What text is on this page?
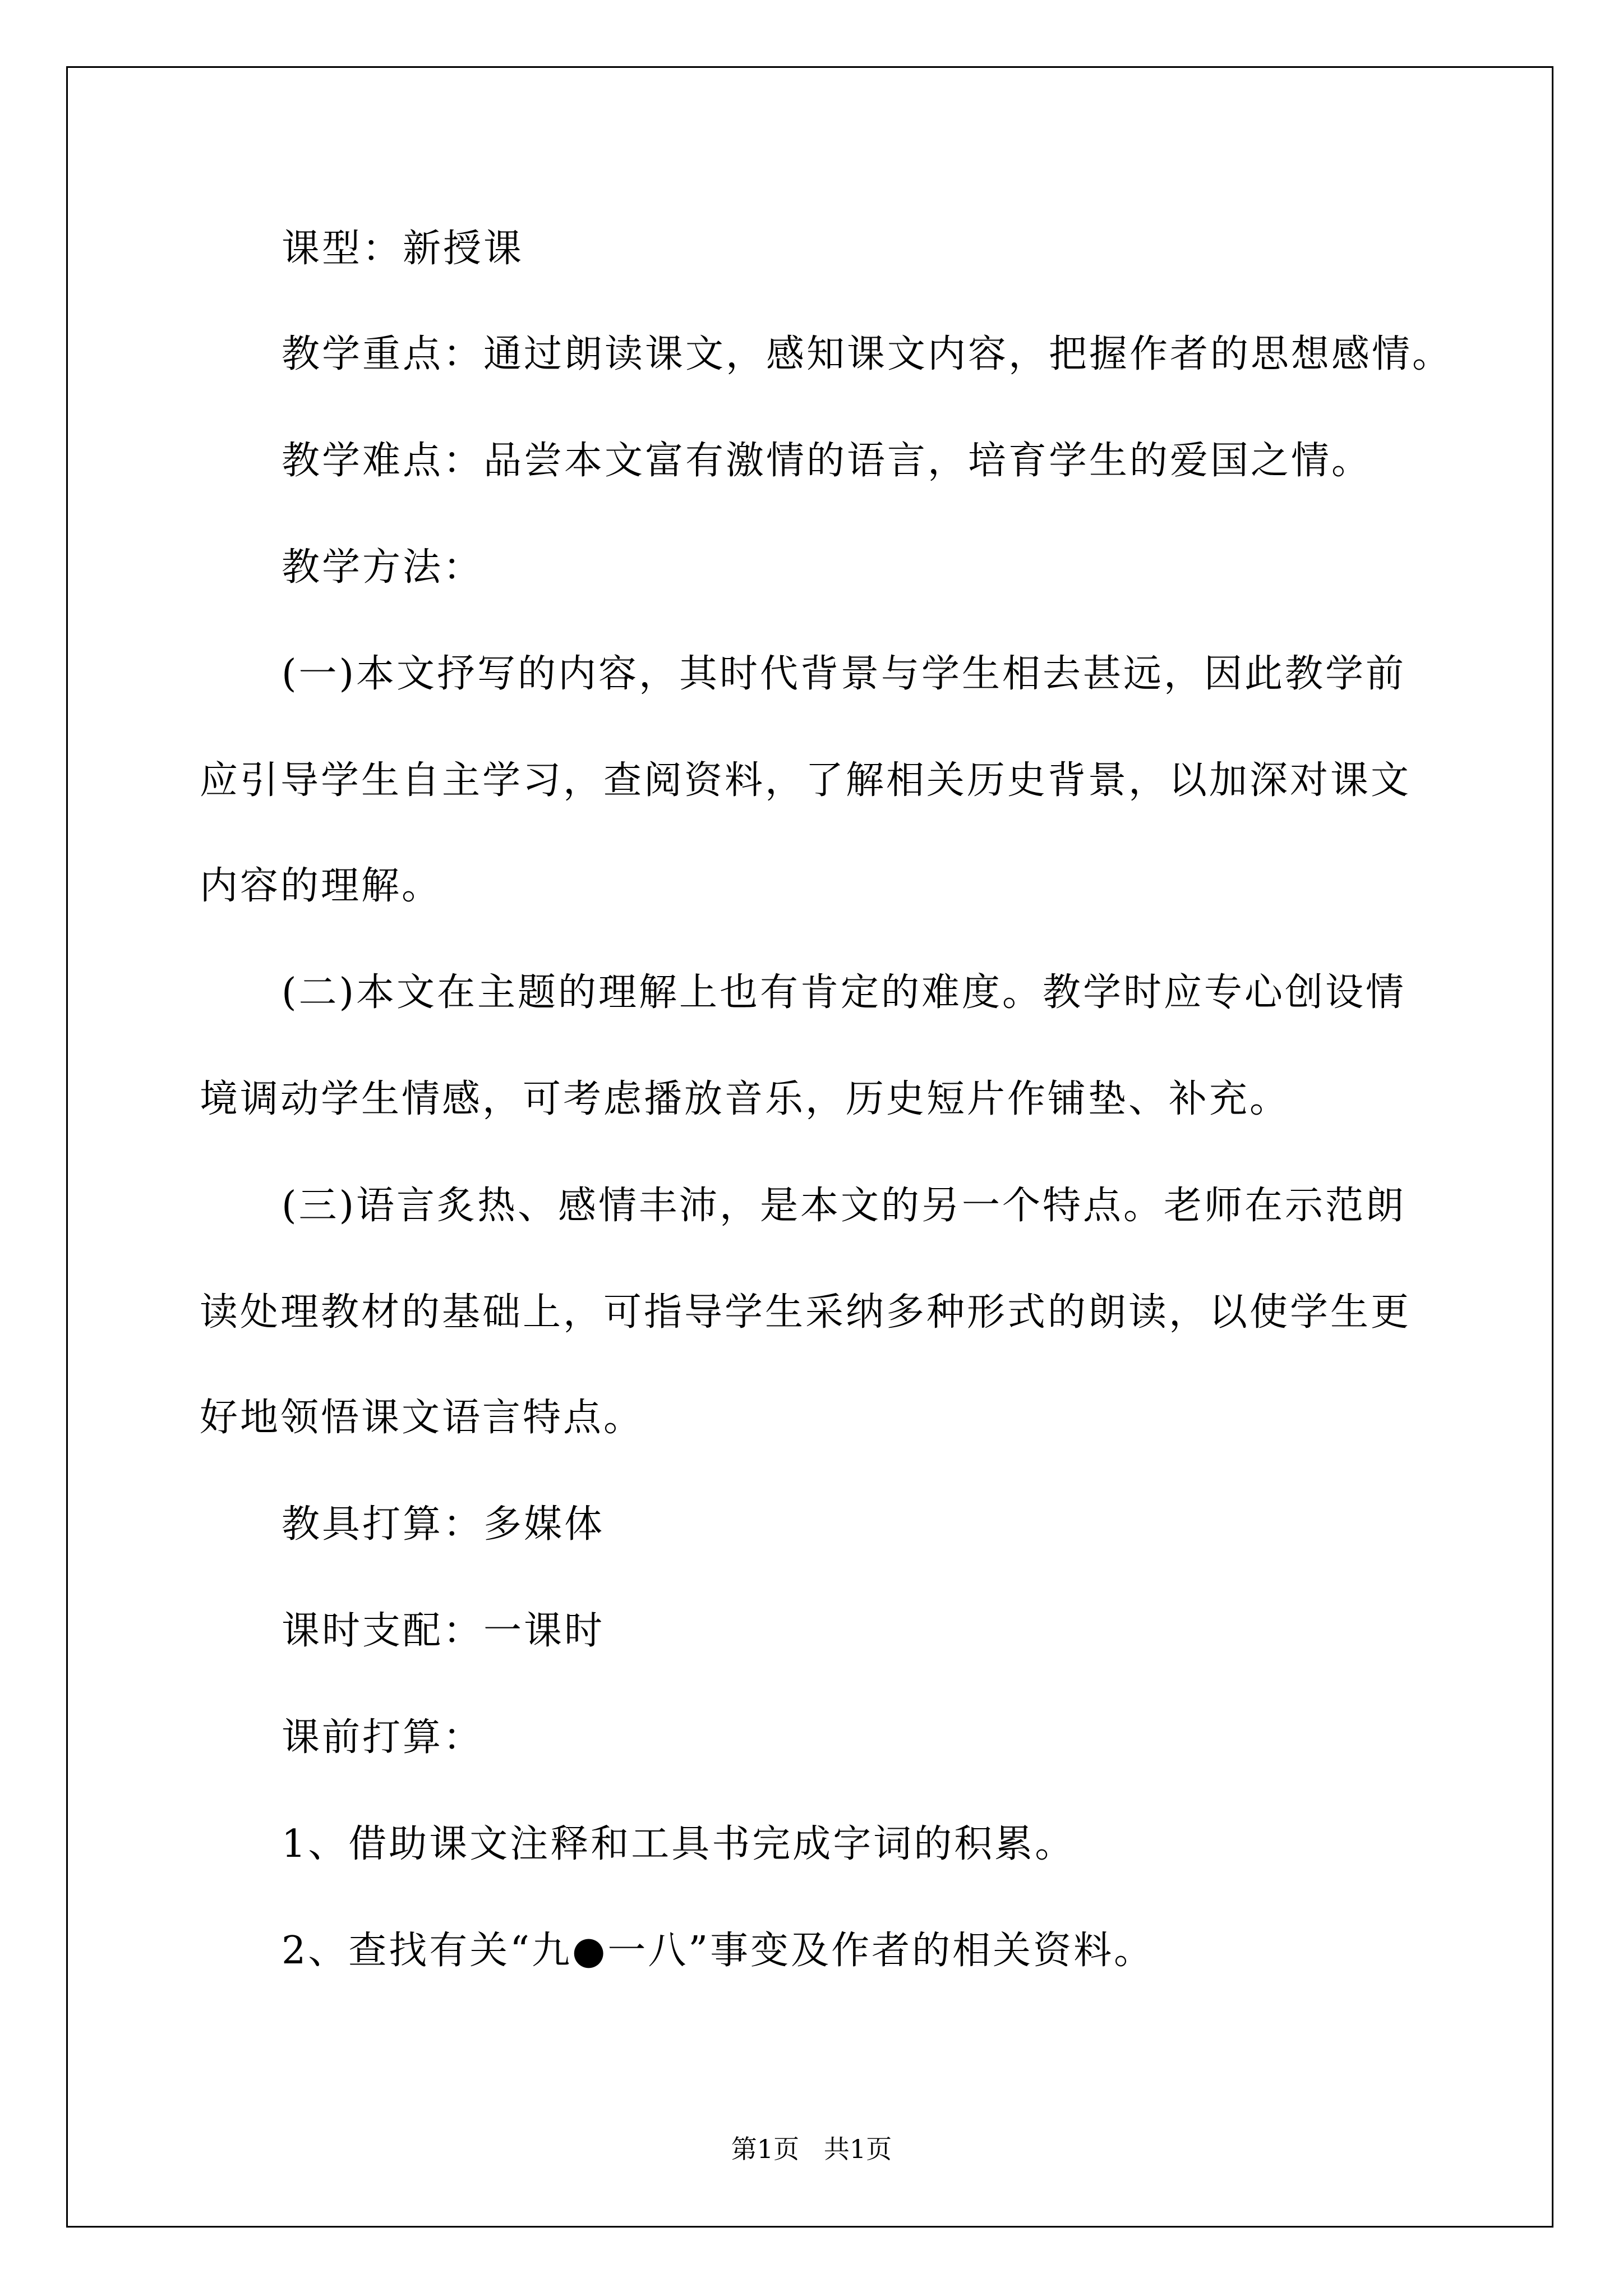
课型：新授课
教学重点：通过朗读课文，感知课文内容，把握作者的思想感情。
教学难点：品尝本文富有激情的语言，培育学生的爱国之情。
教学方法：
(一)本文抒写的内容，其时代背景与学生相去甚远，因此教学前
应引导学生自主学习，查阅资料，了解相关历史背景，以加深对课文
内容的理解。
(二)本文在主题的理解上也有肯定的难度。教学时应专心创设情
境调动学生情感，可考虑播放音乐，历史短片作铺垫、补充。
(三)语言炙热、感情丰沛，是本文的另一个特点。老师在示范朗
读处理教材的基础上，可指导学生采纳多种形式的朗读，以使学生更
好地领悟课文语言特点。
教具打算：多媒体
课时支配：一课时
课前打算：
1、借助课文注释和工具书完成字词的积累。
2、查找有关“九●一八”事变及作者的相关资料。
第1页   共1页
